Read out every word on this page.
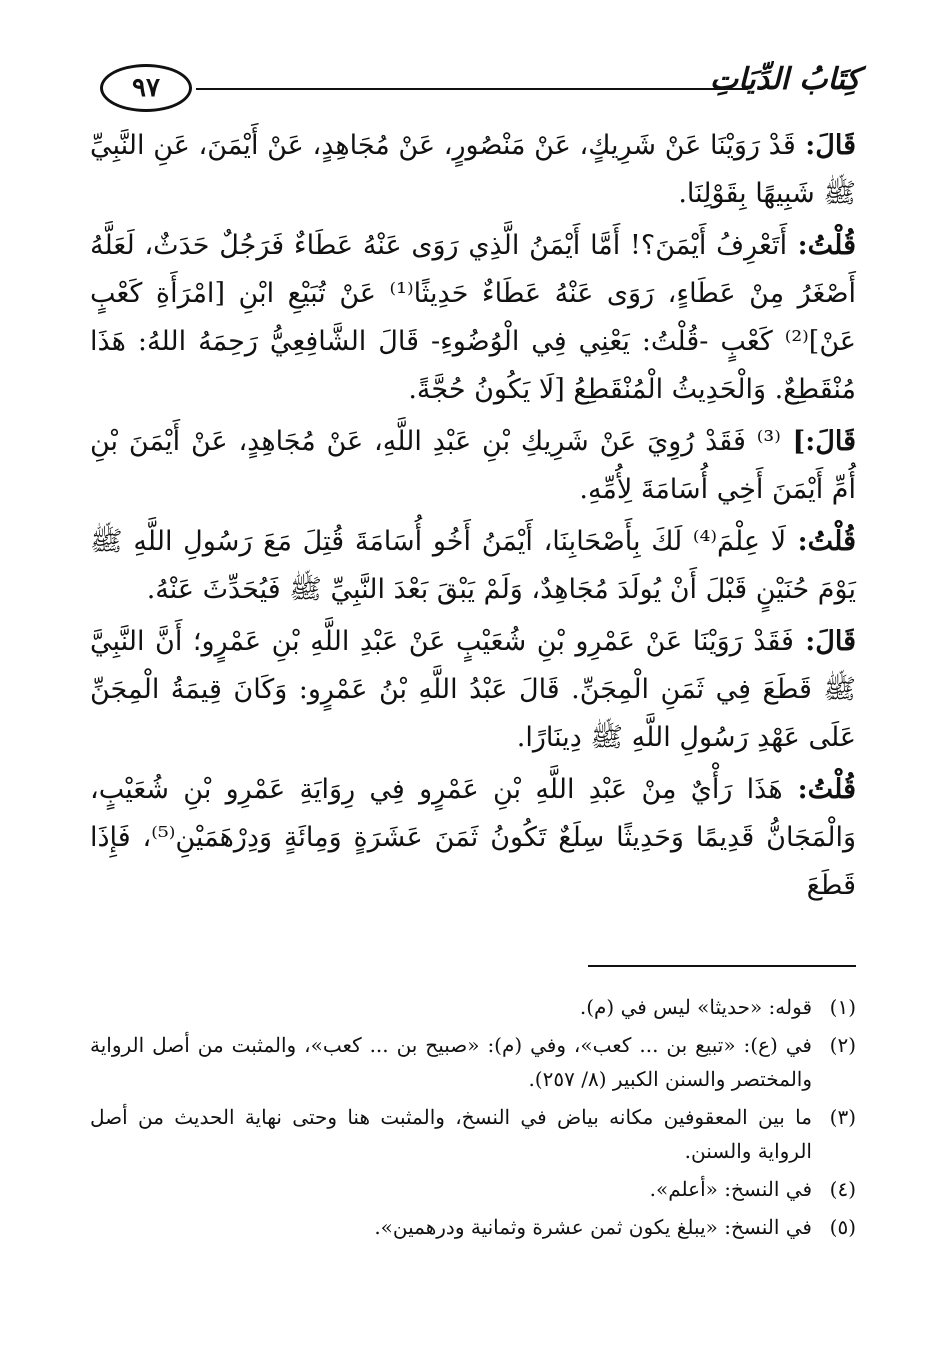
٩٧	كِتَابُ الدِّيَاتِ

قَالَ: قَدْ رَوَيْنَا عَنْ شَرِيكٍ، عَنْ مَنْصُورٍ، عَنْ مُجَاهِدٍ، عَنْ أَيْمَنَ، عَنِ النَّبِيِّ ﷺ شَبِيهًا بِقَوْلِنَا.

قُلْتُ: أَتَعْرِفُ أَيْمَنَ؟! أَمَّا أَيْمَنُ الَّذِي رَوَى عَنْهُ عَطَاءٌ فَرَجُلٌ حَدَثٌ، لَعَلَّهُ أَصْغَرُ مِنْ عَطَاءٍ، رَوَى عَنْهُ عَطَاءٌ حَدِيثًا⁽¹⁾ عَنْ تُبَيْعِ ابْنِ [امْرَأَةِ كَعْبٍ عَنْ]⁽²⁾ كَعْبٍ -قُلْتُ: يَعْنِي فِي الْوُضُوءِ- قَالَ الشَّافِعِيُّ رَحِمَهُ اللهُ: هَذَا مُنْقَطِعٌ. وَالْحَدِيثُ الْمُنْقَطِعُ [لَا يَكُونُ حُجَّةً.

قَالَ:] ⁽³⁾ فَقَدْ رُوِيَ عَنْ شَرِيكِ بْنِ عَبْدِ اللَّهِ، عَنْ مُجَاهِدٍ، عَنْ أَيْمَنَ بْنِ أُمِّ أَيْمَنَ أَخِي أُسَامَةَ لِأُمِّهِ.

قُلْتُ: لَا عِلْمَ⁽⁴⁾ لَكَ بِأَصْحَابِنَا، أَيْمَنُ أَخُو أُسَامَةَ قُتِلَ مَعَ رَسُولِ اللَّهِ ﷺ يَوْمَ حُنَيْنٍ قَبْلَ أَنْ يُولَدَ مُجَاهِدٌ، وَلَمْ يَبْقَ بَعْدَ النَّبِيِّ ﷺ فَيُحَدِّثَ عَنْهُ.

قَالَ: فَقَدْ رَوَيْنَا عَنْ عَمْرِو بْنِ شُعَيْبٍ عَنْ عَبْدِ اللَّهِ بْنِ عَمْرٍو؛ أَنَّ النَّبِيَّ ﷺ قَطَعَ فِي ثَمَنِ الْمِجَنِّ. قَالَ عَبْدُ اللَّهِ بْنُ عَمْرٍو: وَكَانَ قِيمَةُ الْمِجَنِّ عَلَى عَهْدِ رَسُولِ اللَّهِ ﷺ دِينَارًا.

قُلْتُ: هَذَا رَأْيٌ مِنْ عَبْدِ اللَّهِ بْنِ عَمْرٍو فِي رِوَايَةِ عَمْرِو بْنِ شُعَيْبٍ، وَالْمَجَانُّ قَدِيمًا وَحَدِيثًا سِلَعٌ تَكُونُ ثَمَنَ عَشَرَةٍ وَمِائَةٍ وَدِرْهَمَيْنِ⁽⁵⁾، فَإِذَا قَطَعَ

(١)
قوله: «حديثا» ليس في (م).
(٢)
في (ع): «تبيع بن ... كعب»، وفي (م): «صبيح بن ... كعب»، والمثبت من أصل الرواية والمختصر والسنن الكبير (٨/ ٢٥٧).
(٣)
ما بين المعقوفين مكانه بياض في النسخ، والمثبت هنا وحتى نهاية الحديث من أصل الرواية والسنن.
(٤)
في النسخ: «أعلم».
(٥)
في النسخ: «يبلغ يكون ثمن عشرة وثمانية ودرهمين».
